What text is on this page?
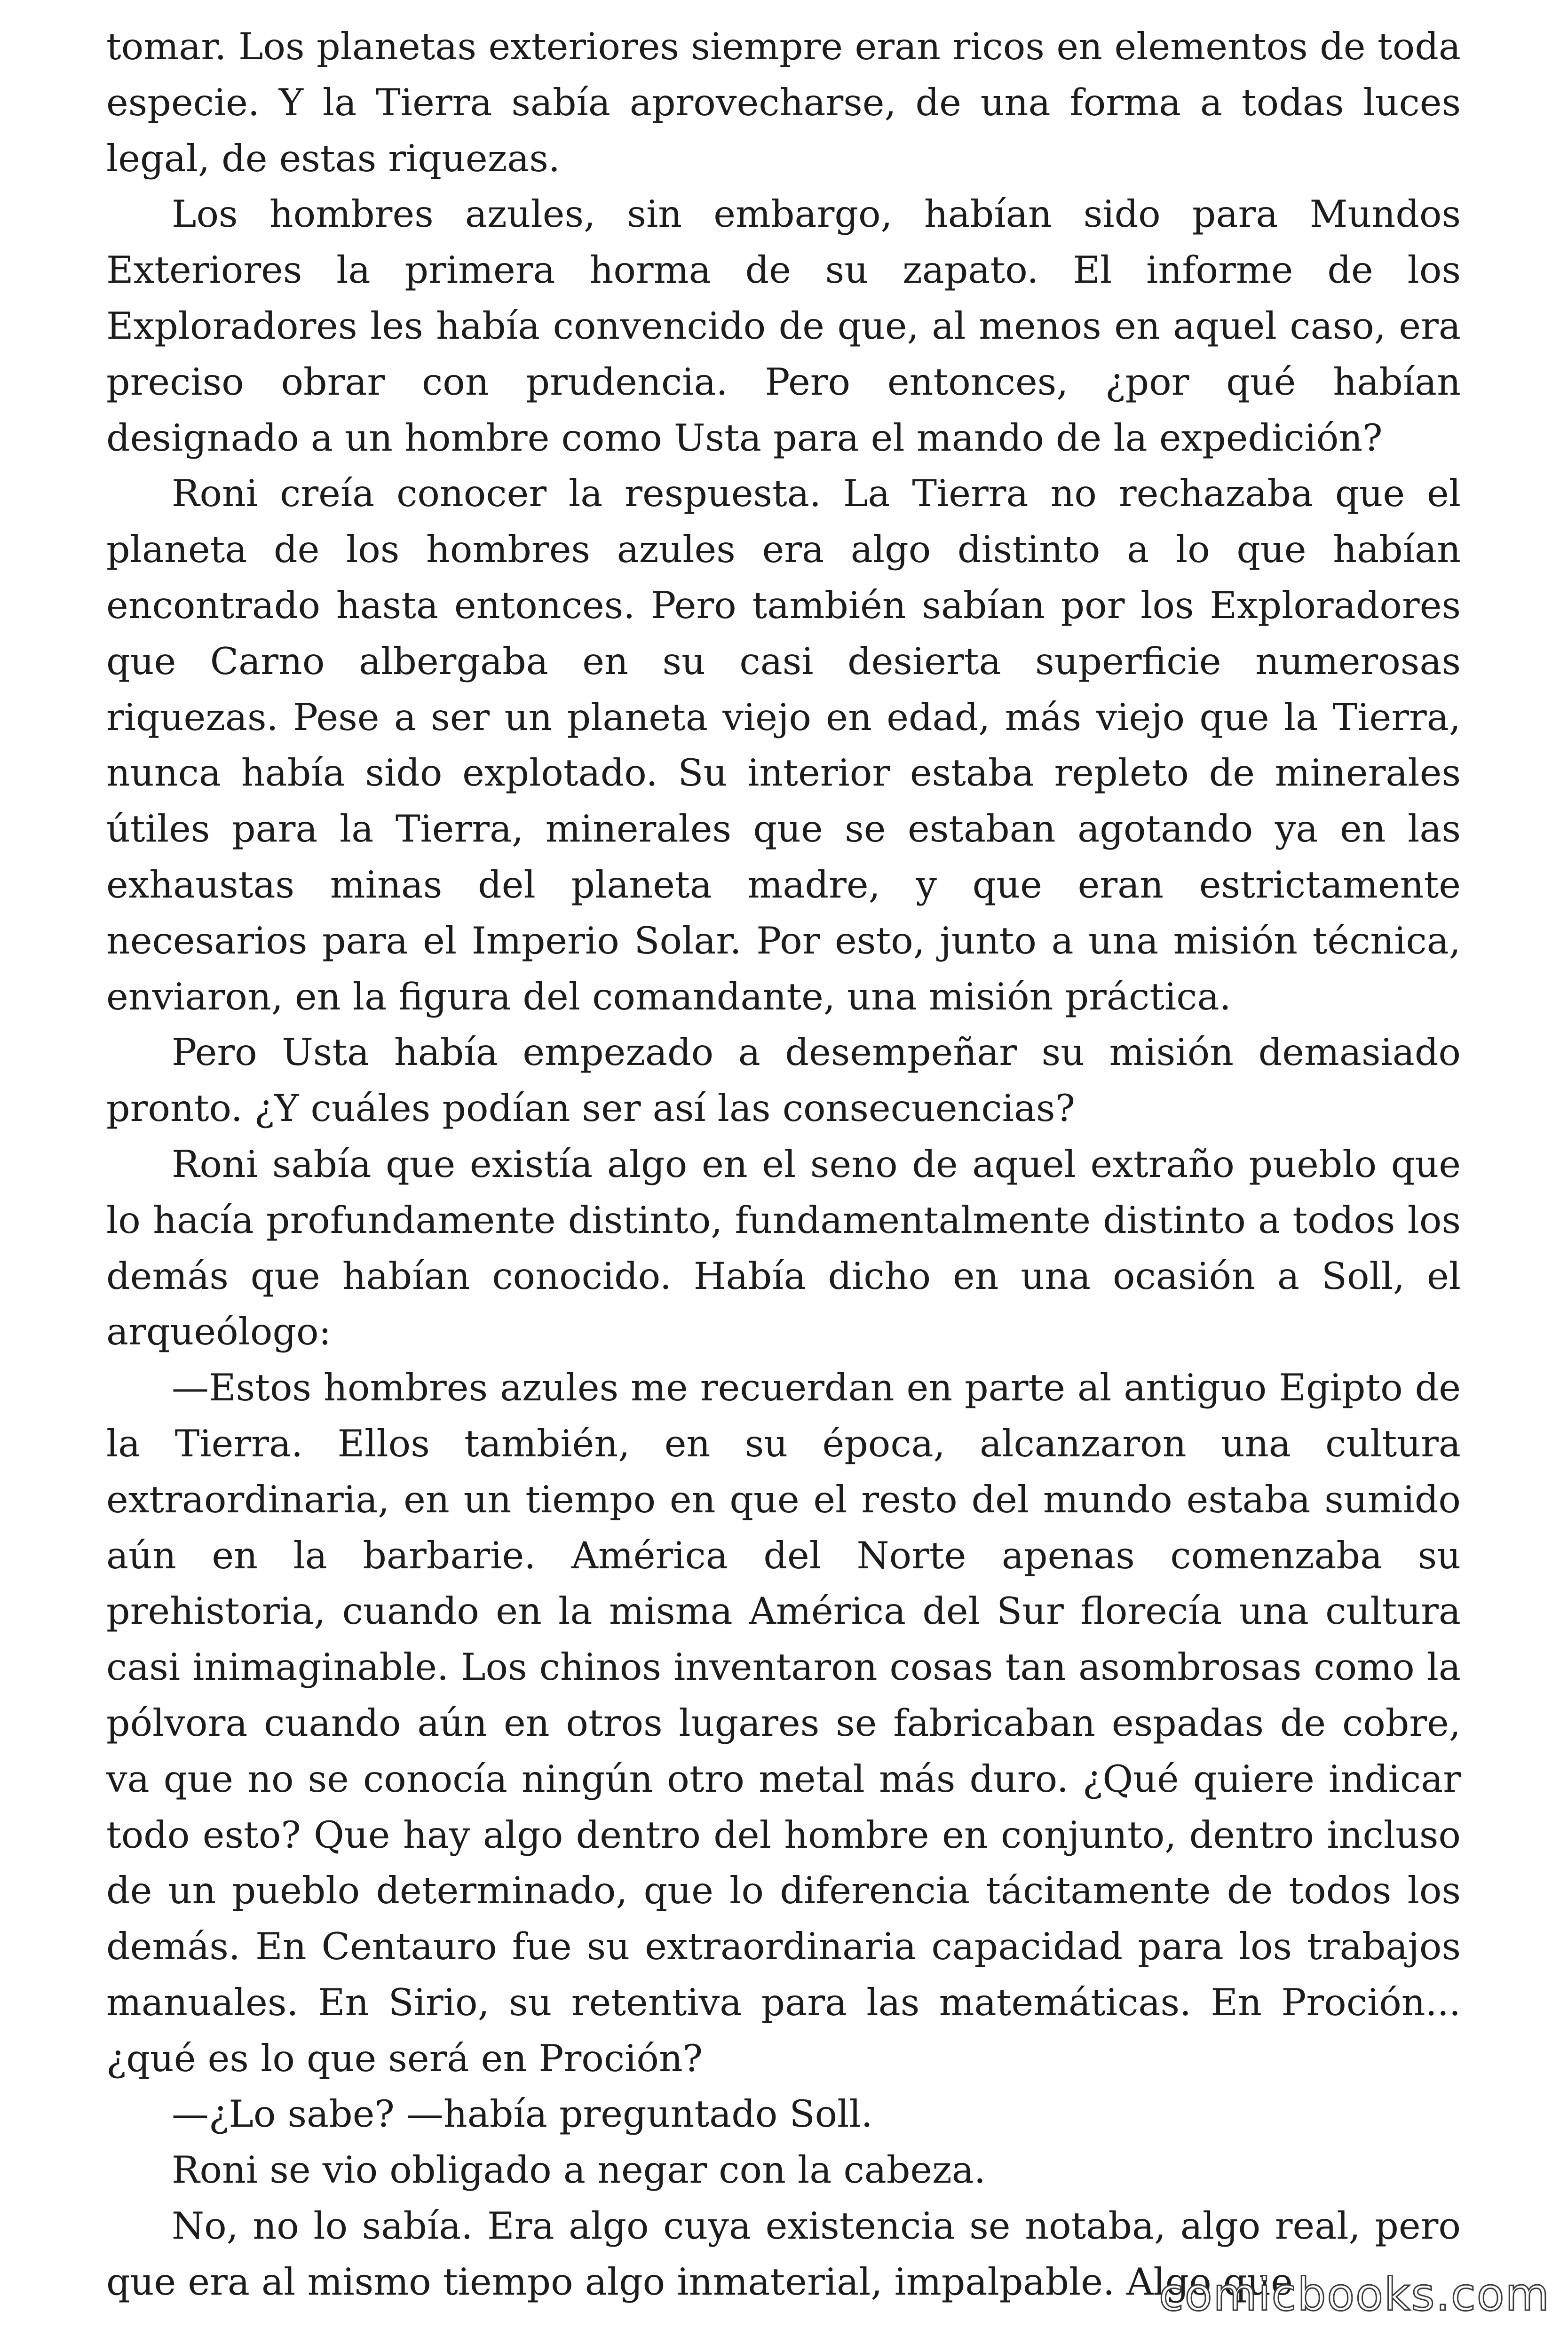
tomar. Los planetas exteriores siempre eran ricos en elementos de toda especie. Y la Tierra sabía aprovecharse, de una forma a todas luces legal, de estas riquezas.

Los hombres azules, sin embargo, habían sido para Mundos Exteriores la primera horma de su zapato. El informe de los Exploradores les había convencido de que, al menos en aquel caso, era preciso obrar con prudencia. Pero entonces, ¿por qué habían designado a un hombre como Usta para el mando de la expedición?

Roni creía conocer la respuesta. La Tierra no rechazaba que el planeta de los hombres azules era algo distinto a lo que habían encontrado hasta entonces. Pero también sabían por los Exploradores que Carno albergaba en su casi desierta superficie numerosas riquezas. Pese a ser un planeta viejo en edad, más viejo que la Tierra, nunca había sido explotado. Su interior estaba repleto de minerales útiles para la Tierra, minerales que se estaban agotando ya en las exhaustas minas del planeta madre, y que eran estrictamente necesarios para el Imperio Solar. Por esto, junto a una misión técnica, enviaron, en la figura del comandante, una misión práctica.

Pero Usta había empezado a desempeñar su misión demasiado pronto. ¿Y cuáles podían ser así las consecuencias?

Roni sabía que existía algo en el seno de aquel extraño pueblo que lo hacía profundamente distinto, fundamentalmente distinto a todos los demás que habían conocido. Había dicho en una ocasión a Soll, el arqueólogo:

—Estos hombres azules me recuerdan en parte al antiguo Egipto de la Tierra. Ellos también, en su época, alcanzaron una cultura extraordinaria, en un tiempo en que el resto del mundo estaba sumido aún en la barbarie. América del Norte apenas comenzaba su prehistoria, cuando en la misma América del Sur florecía una cultura casi inimaginable. Los chinos inventaron cosas tan asombrosas como la pólvora cuando aún en otros lugares se fabricaban espadas de cobre, va que no se conocía ningún otro metal más duro. ¿Qué quiere indicar todo esto? Que hay algo dentro del hombre en conjunto, dentro incluso de un pueblo determinado, que lo diferencia tácitamente de todos los demás. En Centauro fue su extraordinaria capacidad para los trabajos manuales. En Sirio, su retentiva para las matemáticas. En Proción... ¿qué es lo que será en Proción?

—¿Lo sabe? —había preguntado Soll.

Roni se vio obligado a negar con la cabeza.

No, no lo sabía. Era algo cuya existencia se notaba, algo real, pero que era al mismo tiempo algo inmaterial, impalpable. Algo que

comicbooks.com
